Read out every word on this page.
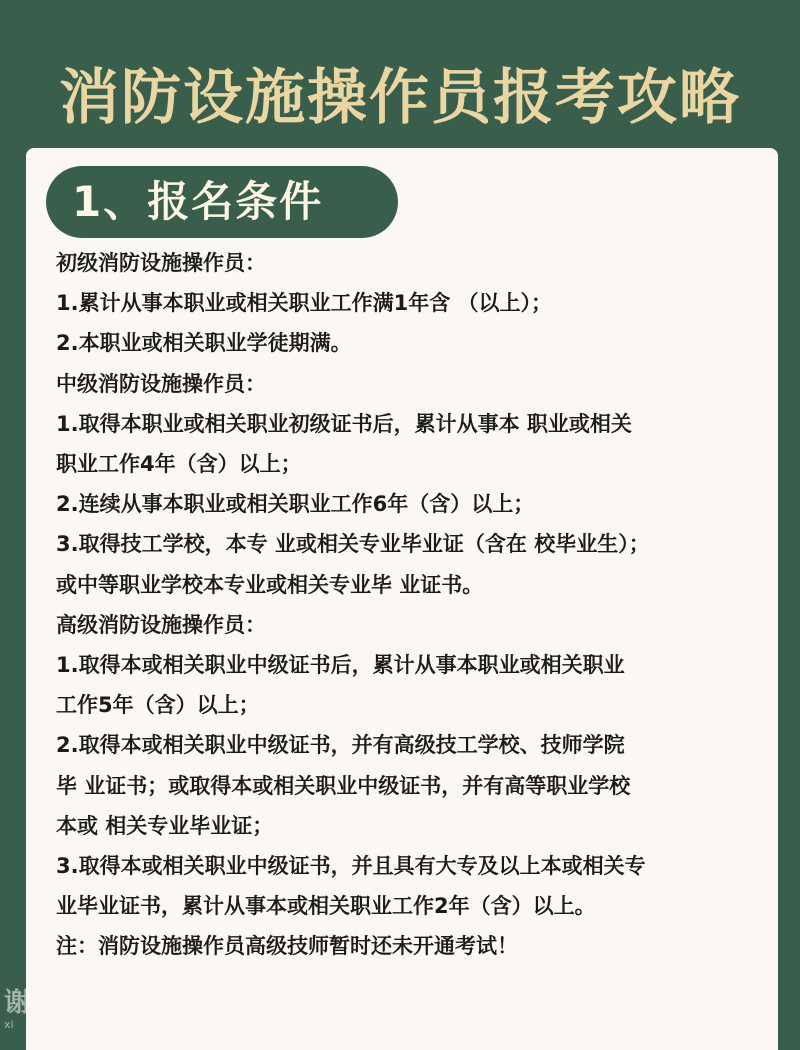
消防设施操作员报考攻略
1、报名条件
初级消防设施操作员：
1.累计从事本职业或相关职业工作满1年含 （以上）；
2.本职业或相关职业学徒期满。
中级消防设施操作员：
1.取得本职业或相关职业初级证书后，累计从事本 职业或相关
职业工作4年（含）以上；
2.连续从事本职业或相关职业工作6年（含）以上；
3.取得技工学校，本专 业或相关专业毕业证（含在 校毕业生）；
或中等职业学校本专业或相关专业毕 业证书。
高级消防设施操作员：
1.取得本或相关职业中级证书后，累计从事本职业或相关职业
工作5年（含）以上；
2.取得本或相关职业中级证书，并有高级技工学校、技师学院
毕 业证书；或取得本或相关职业中级证书，并有高等职业学校
本或 相关专业毕业证；
3.取得本或相关职业中级证书，并且具有大专及以上本或相关专
业毕业证书，累计从事本或相关职业工作2年（含）以上。
注：消防设施操作员高级技师暂时还未开通考试！
谢
xi
